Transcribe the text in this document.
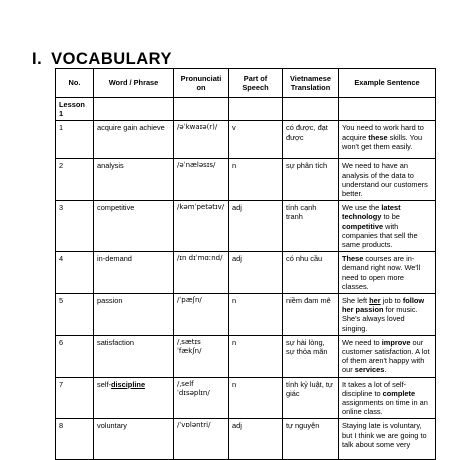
I. VOCABULARY
No.	Word / Phrase	Pronunciati on	Part of Speech	Vietnamese Translation	Example Sentence
Lesson 1					
1	acquire gain achieve	/əˈkwaɪə(r)/	v	có được, đạt được	You need to work hard to acquire these skills. You won't get them easily.
2	analysis	/əˈnæləsɪs/	n	sự phân tích	We need to have an analysis of the data to understand our customers better.
3	competitive	/kəmˈpetətɪv/	adj	tính cạnh tranh	We use the latest technology to be competitive with companies that sell the same products.
4	in-demand	/ɪn dɪˈmɑːnd/	adj	có nhu cầu	These courses are in-demand right now. We'll need to open more classes.
5	passion	/ˈpæʃn/	n	niềm đam mê	She left her job to follow her passion for music. She's always loved singing.
6	satisfaction	/ˌsætɪs ˈfækʃn/	n	sự hài lòng, sự thỏa mãn	We need to improve our customer satisfaction. A lot of them aren't happy with our services.
7	self-discipline	/ˌself ˈdɪsəplɪn/	n	tính kỷ luật, tự giác	It takes a lot of self-discipline to complete assignments on time in an online class.
8	voluntary	/ˈvɒləntri/	adj	tự nguyện	Staying late is voluntary, but I think we are going to talk about some very
